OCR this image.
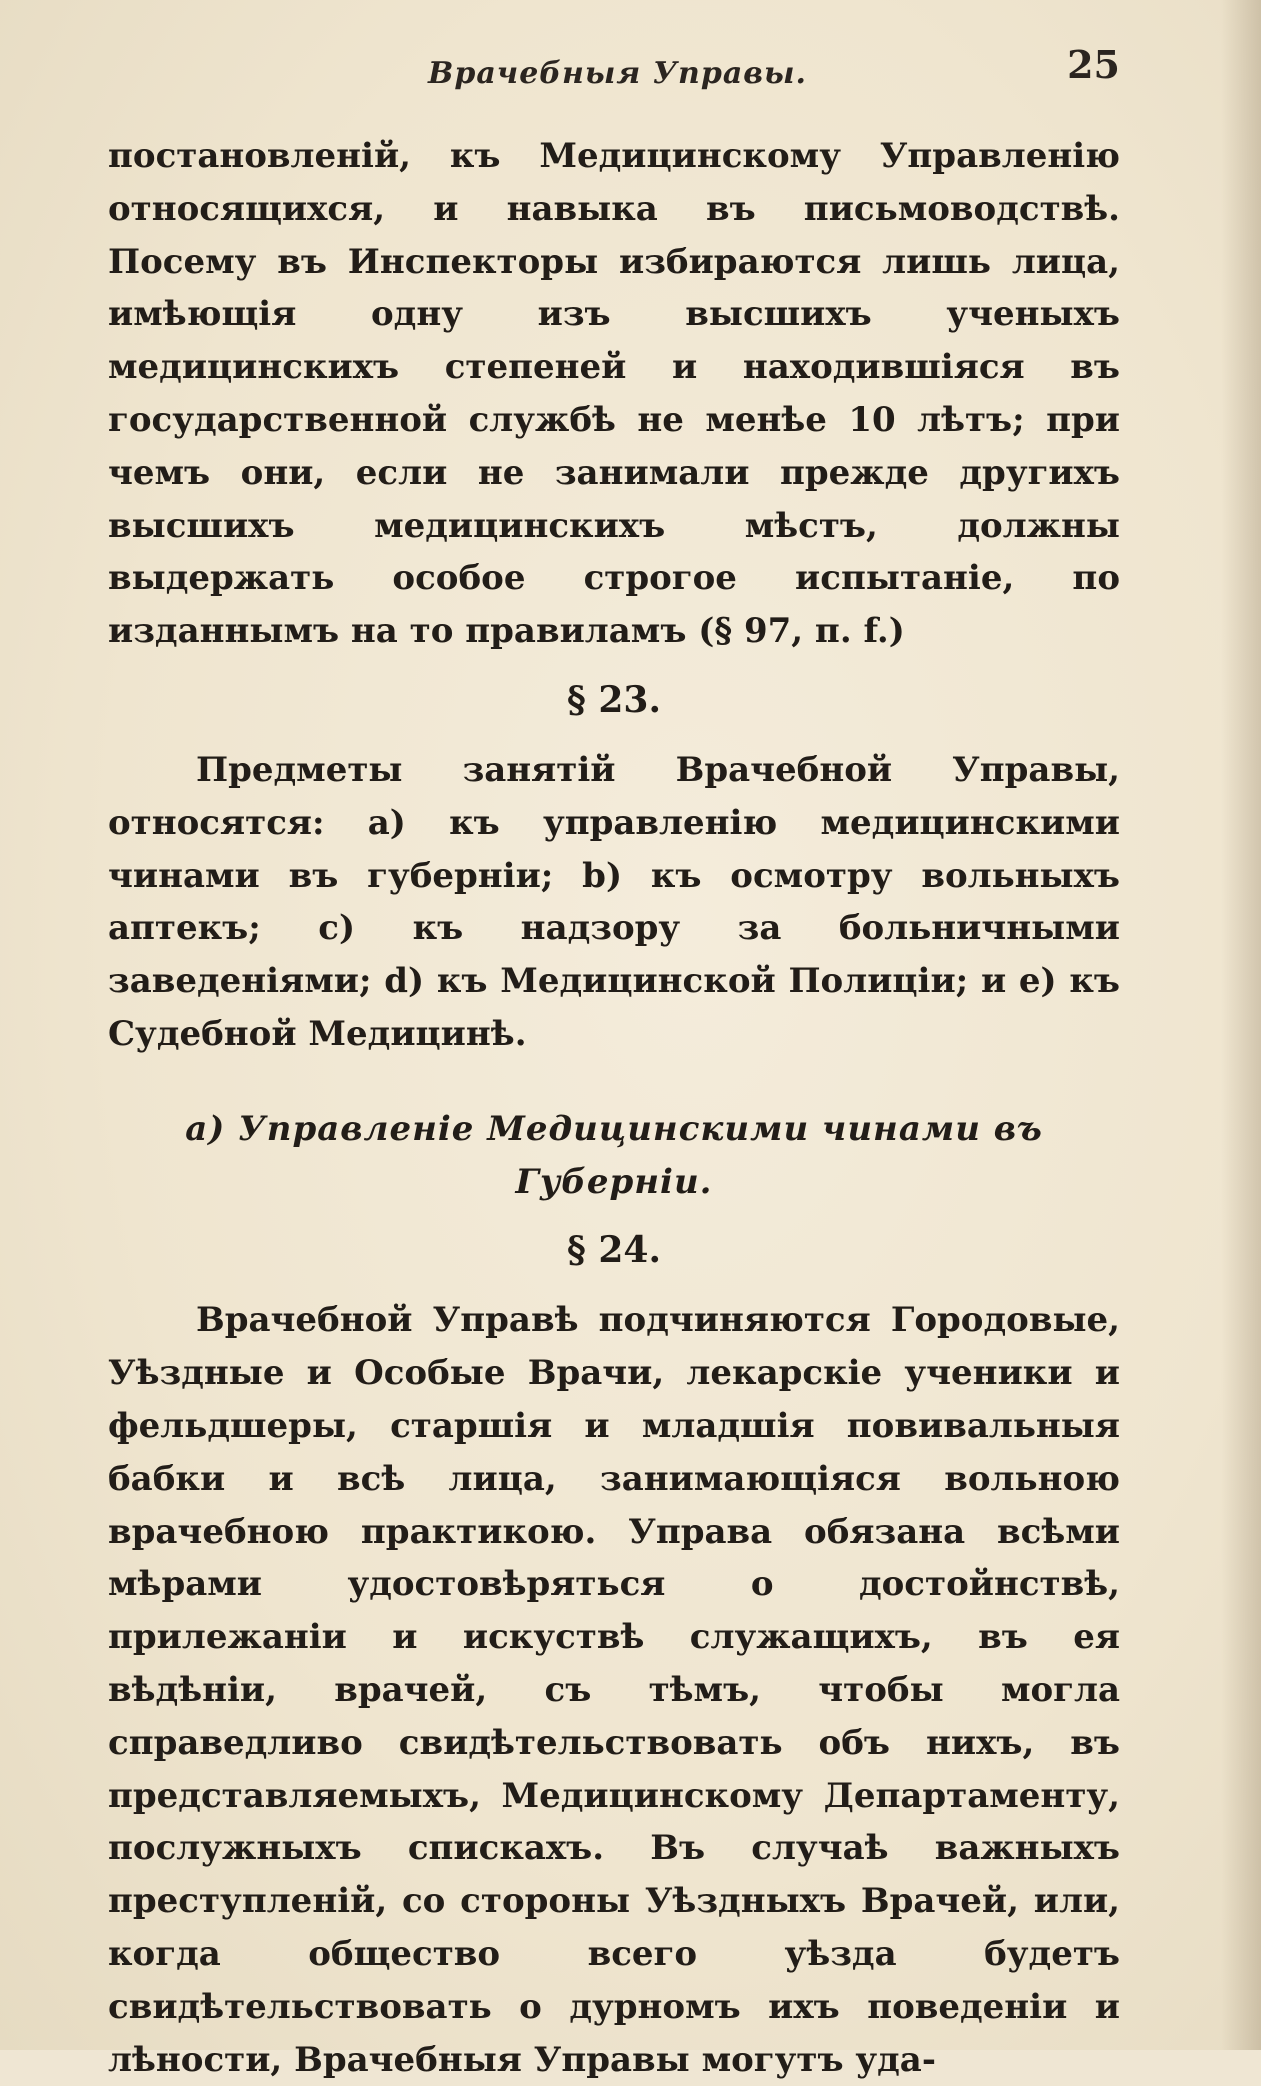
Врачебныя Управы.	25

постановленій, къ Медицинскому Управленію относящихся, и навыка въ письмоводствѣ. Посему въ Инспекторы избираются лишь лица, имѣющія одну изъ высшихъ ученыхъ медицинскихъ степеней и находившіяся въ государственной службѣ не менѣе 10 лѣтъ; при чемъ они, если не занимали прежде другихъ высшихъ медицинскихъ мѣстъ, должны выдержать особое строгое испытаніе, по изданнымъ на то правиламъ (§ 97, п. f.)

§ 23.

Предметы занятій Врачебной Управы, относятся: a) къ управленію медицинскими чинами въ губерніи; b) къ осмотру вольныхъ аптекъ; c) къ надзору за больничными заведеніями; d) къ Медицинской Полиціи; и e) къ Судебной Медицинѣ.

a) Управленіе Медицинскими чинами въ Губерніи.
§ 24.

Врачебной Управѣ подчиняются Городовые, Уѣздные и Особые Врачи, лекарскіе ученики и фельдшеры, старшія и младшія повивальныя бабки и всѣ лица, занимающіяся вольною врачебною практикою. Управа обязана всѣми мѣрами удостовѣряться о достойнствѣ, прилежаніи и искуствѣ служащихъ, въ ея вѣдѣніи, врачей, съ тѣмъ, чтобы могла справедливо свидѣтельствовать объ нихъ, въ представляемыхъ, Медицинскому Департаменту, послужныхъ спискахъ. Въ случаѣ важныхъ преступленій, со стороны Уѣздныхъ Врачей, или, когда общество всего уѣзда будетъ свидѣтельствовать о дурномъ ихъ поведеніи и лѣности, Врачебныя Управы могутъ уда-
